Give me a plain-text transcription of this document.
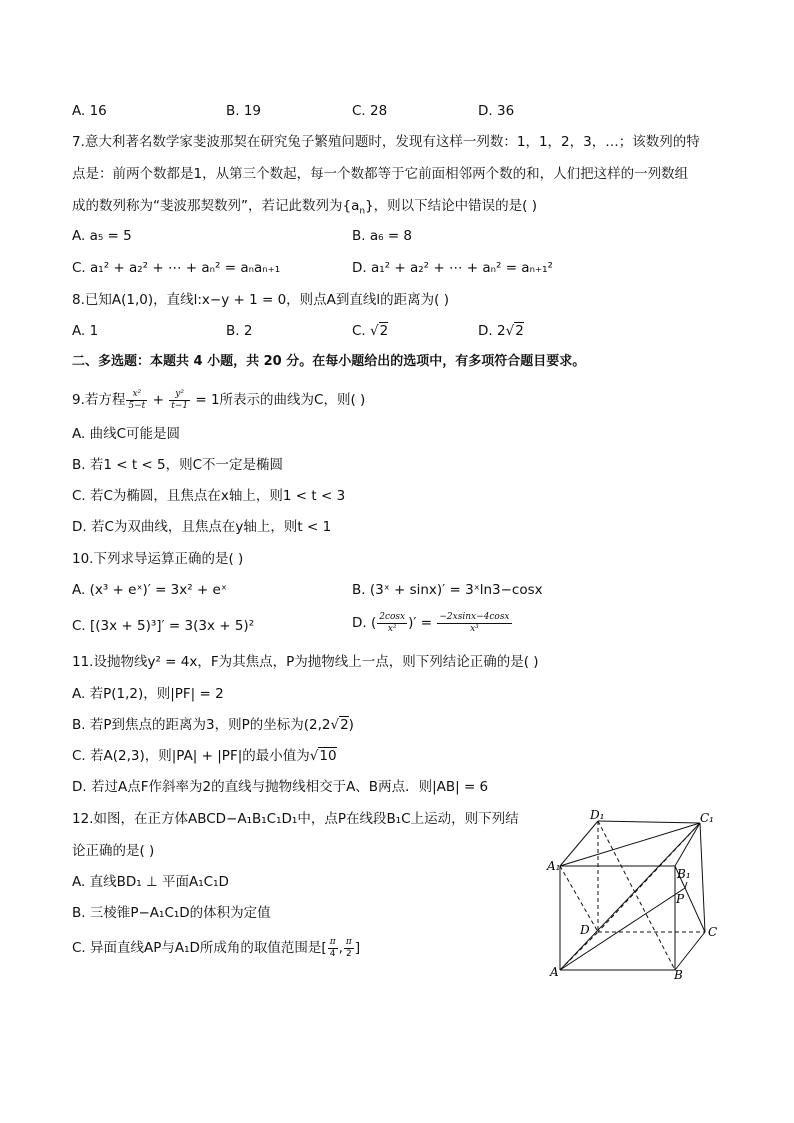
A. 16	B. 19	C. 28	D. 36
7.意大利著名数学家斐波那契在研究兔子繁殖问题时，发现有这样一列数：1，1，2，3，…；该数列的特
点是：前两个数都是1，从第三个数起，每一个数都等于它前面相邻两个数的和，人们把这样的一列数组
成的数列称为“斐波那契数列”，若记此数列为$\{a_n\}$，则以下结论中错误的是( )
A. a₅ = 5	B. a₆ = 8
C. a₁² + a₂² + ⋯ + aₙ² = aₙaₙ₊₁	D. a₁² + a₂² + ⋯ + aₙ² = aₙ₊₁²
8.已知A(1,0)，直线l:x−y + 1 = 0，则点A到直线l的距离为( )
A. 1	B. 2	C. √2	D. 2√2
二、多选题：本题共 4 小题，共 20 分。在每小题给出的选项中，有多项符合题目要求。
9.若方程 $\frac{\text{x²}}{5-t} + \frac{\text{y²}}{t-1} = 1$所表示的曲线为C，则( )
A. 曲线C可能是圆
B. 若1 < t < 5，则C不一定是椭圆
C. 若C为椭圆，且焦点在x轴上，则1 < t < 3
D. 若C为双曲线，且焦点在y轴上，则t < 1
10.下列求导运算正确的是( )
A. (x³ + eˣ)′ = 3x² + eˣ	B. (3ˣ + sinx)′ = 3ˣln3−cosx
C. [(3x + 5)³]′ = 3(3x + 5)²	D. ( $\frac{2\cos x}{\text{x²}}$ )′ = $\frac{-2xsinx-4\cos x}{\text{x³}}$
11.设抛物线y² = 4x，F为其焦点，P为抛物线上一点，则下列结论正确的是( )
A. 若P(1,2)，则|PF| = 2
B. 若P到焦点的距离为3，则P的坐标为(2,2√2)
C. 若A(2,3)，则|PA| + |PF|的最小值为√10
D. 若过A点F作斜率为2的直线与抛物线相交于A、B两点．则|AB| = 6
12.如图，在正方体ABCD−A₁B₁C₁D₁中，点P在线段B₁C上运动，则下列结
论正确的是( )
A. 直线BD₁ ⊥ 平面A₁C₁D
B. 三棱锥P−A₁C₁D的体积为定值
C. 异面直线AP与A₁D所成角的取值范围是[ $\frac{\pi}{4}$ , $\frac{\pi}{2}$ ]
D₁	C₁
A₁
B₁
P
D	C
A	B
